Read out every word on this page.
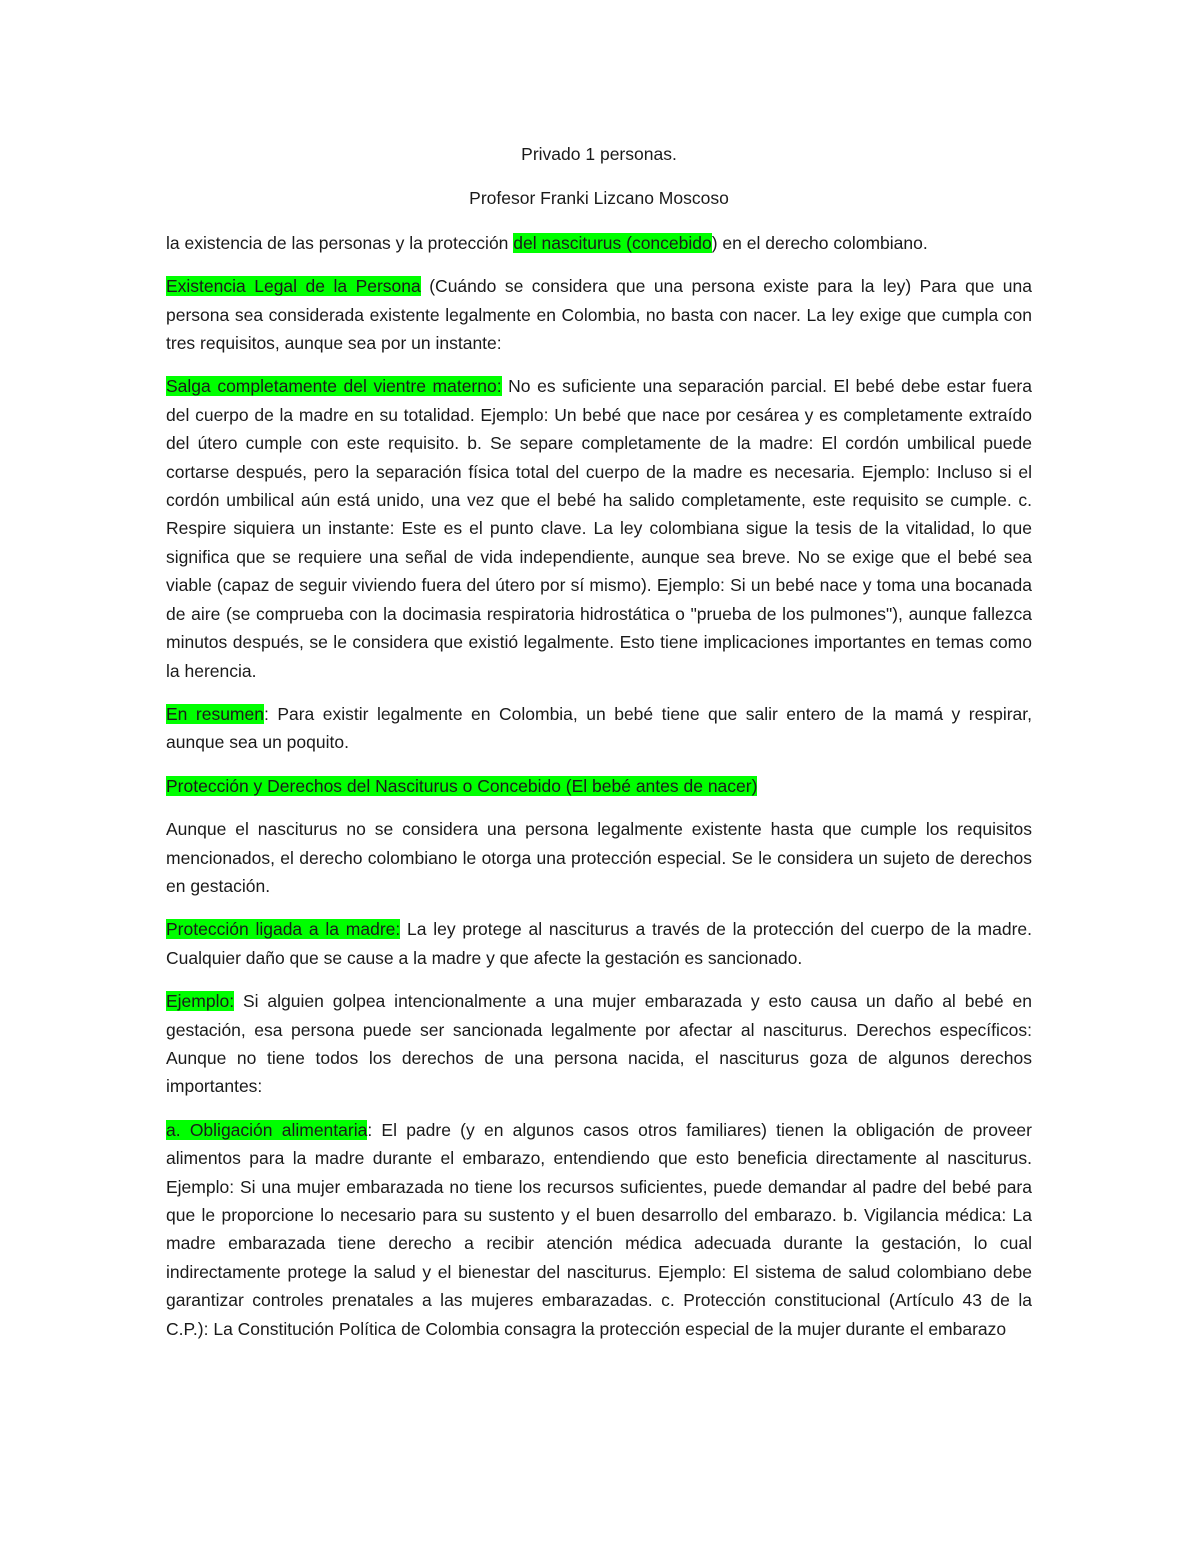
Privado 1 personas.

Profesor Franki Lizcano Moscoso

la existencia de las personas y la protección del nasciturus (concebido) en el derecho colombiano.

Existencia Legal de la Persona (Cuándo se considera que una persona existe para la ley) Para que una persona sea considerada existente legalmente en Colombia, no basta con nacer. La ley exige que cumpla con tres requisitos, aunque sea por un instante:

Salga completamente del vientre materno: No es suficiente una separación parcial. El bebé debe estar fuera del cuerpo de la madre en su totalidad. Ejemplo: Un bebé que nace por cesárea y es completamente extraído del útero cumple con este requisito. b. Se separe completamente de la madre: El cordón umbilical puede cortarse después, pero la separación física total del cuerpo de la madre es necesaria. Ejemplo: Incluso si el cordón umbilical aún está unido, una vez que el bebé ha salido completamente, este requisito se cumple. c. Respire siquiera un instante: Este es el punto clave. La ley colombiana sigue la tesis de la vitalidad, lo que significa que se requiere una señal de vida independiente, aunque sea breve. No se exige que el bebé sea viable (capaz de seguir viviendo fuera del útero por sí mismo). Ejemplo: Si un bebé nace y toma una bocanada de aire (se comprueba con la docimasia respiratoria hidrostática o "prueba de los pulmones"), aunque fallezca minutos después, se le considera que existió legalmente. Esto tiene implicaciones importantes en temas como la herencia.

En resumen: Para existir legalmente en Colombia, un bebé tiene que salir entero de la mamá y respirar, aunque sea un poquito.

Protección y Derechos del Nasciturus o Concebido (El bebé antes de nacer)

Aunque el nasciturus no se considera una persona legalmente existente hasta que cumple los requisitos mencionados, el derecho colombiano le otorga una protección especial. Se le considera un sujeto de derechos en gestación.

Protección ligada a la madre: La ley protege al nasciturus a través de la protección del cuerpo de la madre. Cualquier daño que se cause a la madre y que afecte la gestación es sancionado.

Ejemplo: Si alguien golpea intencionalmente a una mujer embarazada y esto causa un daño al bebé en gestación, esa persona puede ser sancionada legalmente por afectar al nasciturus. Derechos específicos: Aunque no tiene todos los derechos de una persona nacida, el nasciturus goza de algunos derechos importantes:

a. Obligación alimentaria: El padre (y en algunos casos otros familiares) tienen la obligación de proveer alimentos para la madre durante el embarazo, entendiendo que esto beneficia directamente al nasciturus. Ejemplo: Si una mujer embarazada no tiene los recursos suficientes, puede demandar al padre del bebé para que le proporcione lo necesario para su sustento y el buen desarrollo del embarazo. b. Vigilancia médica: La madre embarazada tiene derecho a recibir atención médica adecuada durante la gestación, lo cual indirectamente protege la salud y el bienestar del nasciturus. Ejemplo: El sistema de salud colombiano debe garantizar controles prenatales a las mujeres embarazadas. c. Protección constitucional (Artículo 43 de la C.P.): La Constitución Política de Colombia consagra la protección especial de la mujer durante el embarazo
